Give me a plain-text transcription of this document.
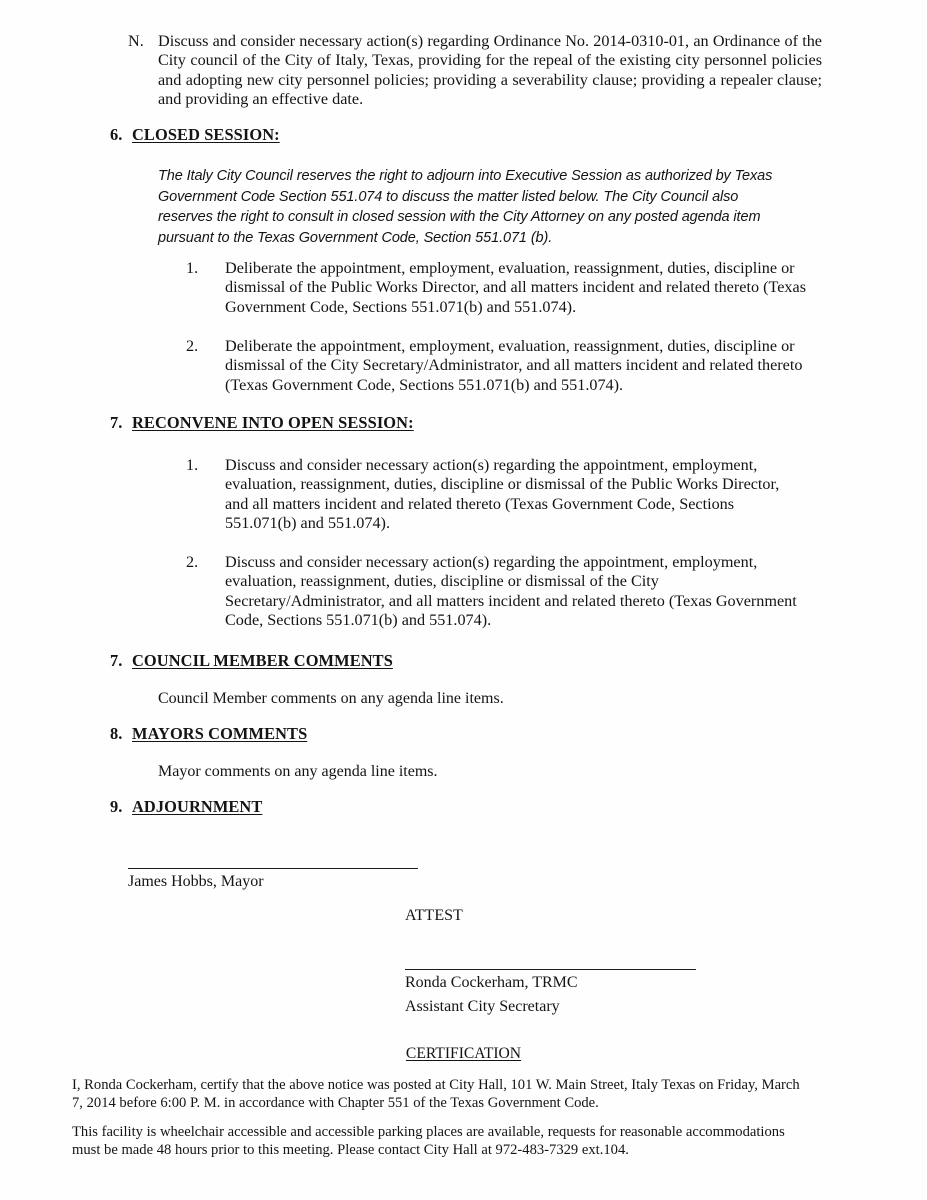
N. Discuss and consider necessary action(s) regarding Ordinance No. 2014-0310-01, an Ordinance of the City council of the City of Italy, Texas, providing for the repeal of the existing city personnel policies and adopting new city personnel policies; providing a severability clause; providing a repealer clause; and providing an effective date.
6. CLOSED SESSION:
The Italy City Council reserves the right to adjourn into Executive Session as authorized by Texas Government Code Section 551.074 to discuss the matter listed below. The City Council also reserves the right to consult in closed session with the City Attorney on any posted agenda item pursuant to the Texas Government Code, Section 551.071 (b).
1.	Deliberate the appointment, employment, evaluation, reassignment, duties, discipline or dismissal of the Public Works Director, and all matters incident and related thereto (Texas Government Code, Sections 551.071(b) and 551.074).
2.	Deliberate the appointment, employment, evaluation, reassignment, duties, discipline or dismissal of the City Secretary/Administrator, and all matters incident and related thereto (Texas Government Code, Sections 551.071(b) and 551.074).
7. RECONVENE INTO OPEN SESSION:
1.	Discuss and consider necessary action(s) regarding the appointment, employment, evaluation, reassignment, duties, discipline or dismissal of the Public Works Director, and all matters incident and related thereto (Texas Government Code, Sections 551.071(b) and 551.074).
2.	Discuss and consider necessary action(s) regarding the appointment, employment, evaluation, reassignment, duties, discipline or dismissal of the City Secretary/Administrator, and all matters incident and related thereto (Texas Government Code, Sections 551.071(b) and 551.074).
7. COUNCIL MEMBER COMMENTS
Council Member comments on any agenda line items.
8. MAYORS COMMENTS
Mayor comments on any agenda line items.
9. ADJOURNMENT
James Hobbs, Mayor
ATTEST
Ronda Cockerham, TRMC
Assistant City Secretary
CERTIFICATION
I, Ronda Cockerham, certify that the above notice was posted at City Hall, 101 W. Main Street, Italy Texas on Friday, March 7, 2014 before 6:00 P. M. in accordance with Chapter 551 of the Texas Government Code.
This facility is wheelchair accessible and accessible parking places are available, requests for reasonable accommodations must be made 48 hours prior to this meeting. Please contact City Hall at 972-483-7329 ext.104.
